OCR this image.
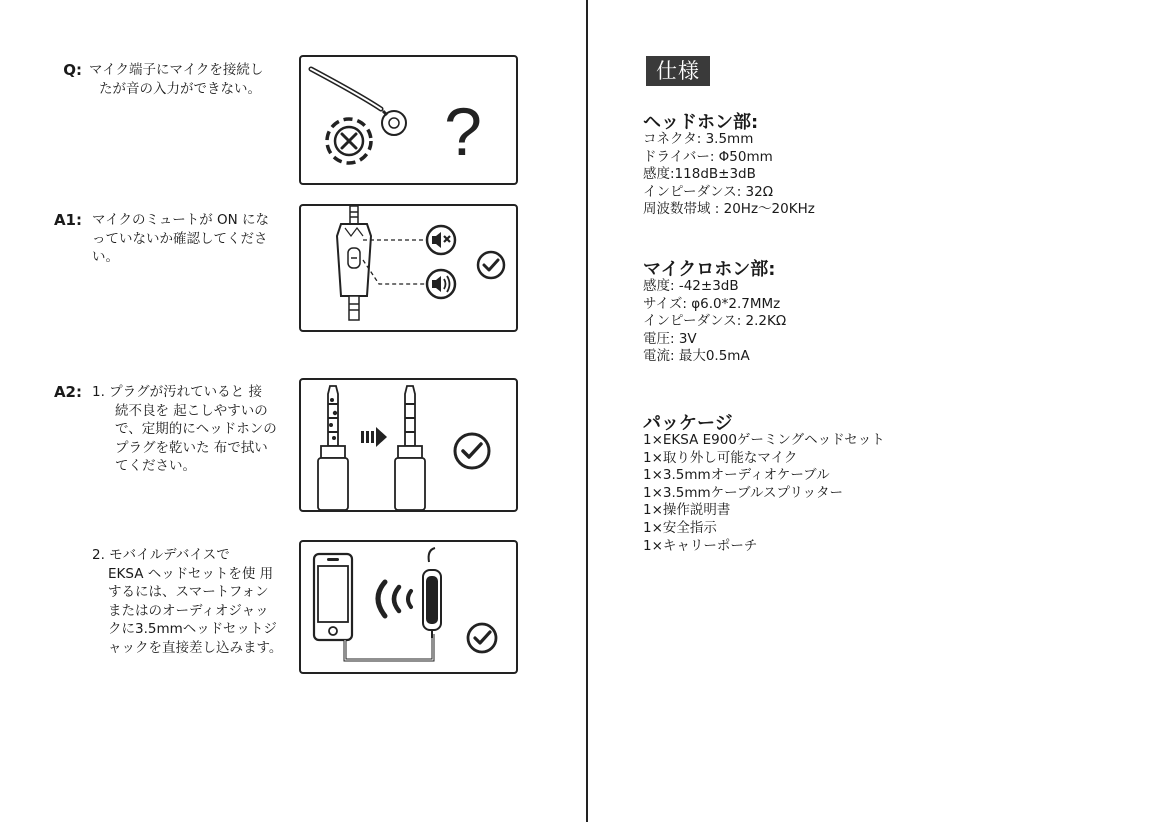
Q: マイク端子にマイクを接続し
たが音の入力ができない。
?
A1: マイクのミュートが ON にな
っていないか確認してくださ
い。
A2: 1. プラグが汚れていると 接
続不良を 起こしやすいの
で、定期的にヘッドホンの
プラグを乾いた 布で拭い
てください。
2. モバイルデバイスで
EKSA ヘッドセットを使 用
するには、スマートフォン
またはのオーディオジャッ
クに3.5mmヘッドセットジ
ャックを直接差し込みます。
仕様
ヘッドホン部:
コネクタ: 3.5mm
ドライバー: Φ50mm
感度:118dB±3dB
インピーダンス: 32Ω
周波数帯域 : 20Hz〜20KHz
マイクロホン部:
感度: -42±3dB
サイズ: φ6.0*2.7MMz
インピーダンス: 2.2KΩ
電圧: 3V
電流: 最大0.5mA
パッケージ
1×EKSA E900ゲーミングヘッドセット
1×取り外し可能なマイク
1×3.5mmオーディオケーブル
1×3.5mmケーブルスプリッター
1×操作説明書
1×安全指示
1×キャリーポーチ
